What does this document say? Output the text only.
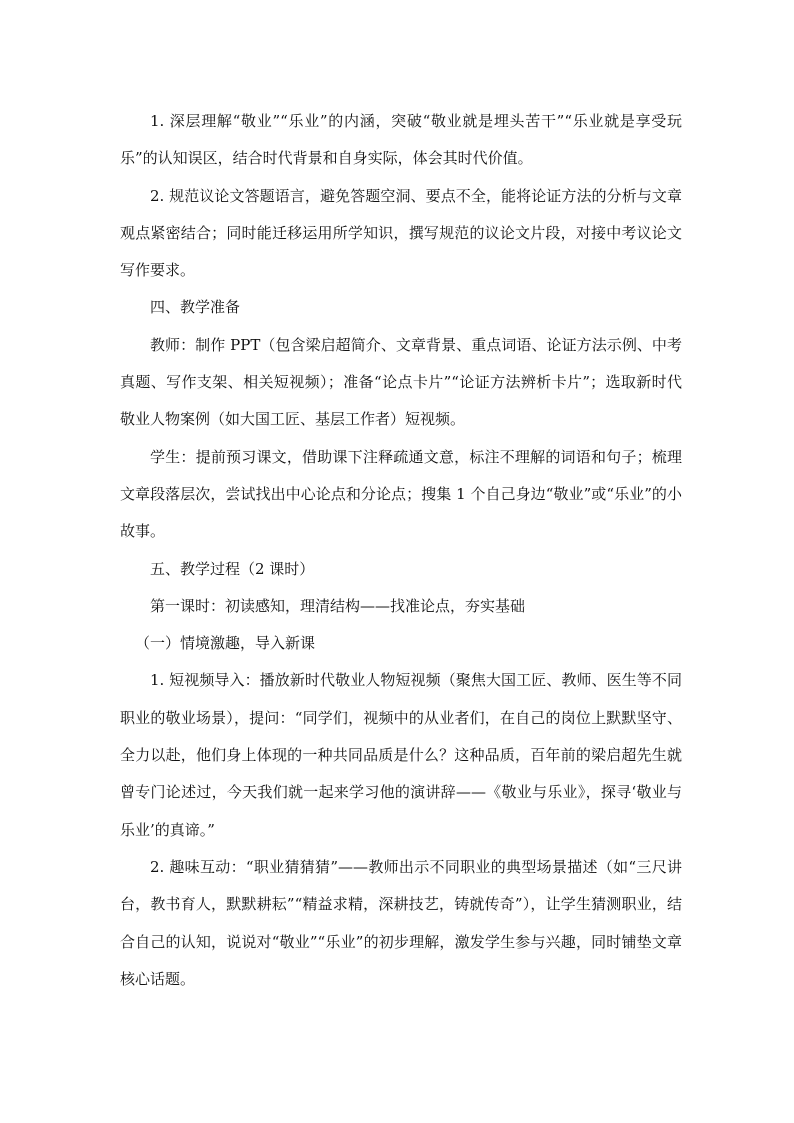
1. 深层理解“敬业”“乐业”的内涵，突破“敬业就是埋头苦干”“乐业就是享受玩乐”的认知误区，结合时代背景和自身实际，体会其时代价值。

2. 规范议论文答题语言，避免答题空洞、要点不全，能将论证方法的分析与文章观点紧密结合；同时能迁移运用所学知识，撰写规范的议论文片段，对接中考议论文写作要求。

四、教学准备

教师：制作 PPT（包含梁启超简介、文章背景、重点词语、论证方法示例、中考真题、写作支架、相关短视频）；准备“论点卡片”“论证方法辨析卡片”；选取新时代敬业人物案例（如大国工匠、基层工作者）短视频。

学生：提前预习课文，借助课下注释疏通文意，标注不理解的词语和句子；梳理文章段落层次，尝试找出中心论点和分论点；搜集 1 个自己身边“敬业”或“乐业”的小故事。

五、教学过程（2 课时）

第一课时：初读感知，理清结构——找准论点，夯实基础

（一）情境激趣，导入新课

1. 短视频导入：播放新时代敬业人物短视频（聚焦大国工匠、教师、医生等不同职业的敬业场景），提问：“同学们，视频中的从业者们，在自己的岗位上默默坚守、全力以赴，他们身上体现的一种共同品质是什么？这种品质，百年前的梁启超先生就曾专门论述过，今天我们就一起来学习他的演讲辞——《敬业与乐业》，探寻‘敬业与乐业’的真谛。”

2. 趣味互动：“职业猜猜猜”——教师出示不同职业的典型场景描述（如“三尺讲台，教书育人，默默耕耘”“精益求精，深耕技艺，铸就传奇”），让学生猜测职业，结合自己的认知，说说对“敬业”“乐业”的初步理解，激发学生参与兴趣，同时铺垫文章核心话题。
